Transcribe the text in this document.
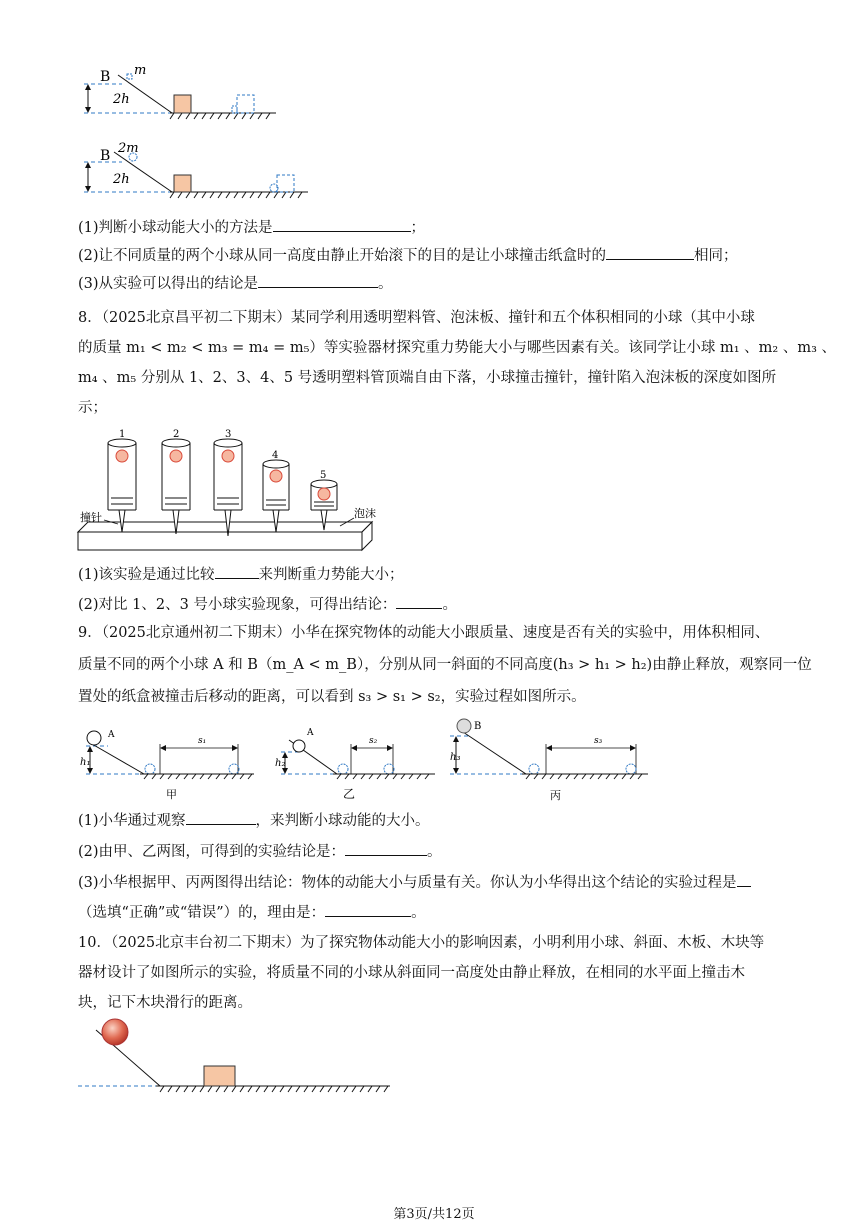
B m
2h
B 2m
2h
(1)判断小球动能大小的方法是	；
(2)让不同质量的两个小球从同一高度由静止开始滚下的目的是让小球撞击纸盒时的	相同；
(3)从实验可以得出的结论是	。
8．（2025北京昌平初二下期末）某同学利用透明塑料管、泡沫板、撞针和五个体积相同的小球（其中小球
的质量 m₁ < m₂ < m₃ = m₄ = m₅）等实验器材探究重力势能大小与哪些因素有关。该同学让小球 m₁ 、m₂ 、m₃ 、
m₄ 、m₅ 分别从 1、2、3、4、5 号透明塑料管顶端自由下落，小球撞击撞针，撞针陷入泡沫板的深度如图所
示；
1	2	3
4
5
撞针	泡沫
(1)该实验是通过比较	来判断重力势能大小；
(2)对比 1、2、3 号小球实验现象，可得出结论：	。
9．（2025北京通州初二下期末）小华在探究物体的动能大小跟质量、速度是否有关的实验中，用体积相同、
质量不同的两个小球 A 和 B（m_A < m_B），分别从同一斜面的不同高度(h₃ > h₁ > h₂)由静止释放，观察同一位
置处的纸盒被撞击后移动的距离，可以看到 s₃ > s₁ > s₂，实验过程如图所示。
A
h₁
s₁
甲
A
h₂
s₂
乙
B
h₃
s₃
丙
(1)小华通过观察	，来判断小球动能的大小。
(2)由甲、乙两图，可得到的实验结论是：	。
(3)小华根据甲、丙两图得出结论：物体的动能大小与质量有关。你认为小华得出这个结论的实验过程是
（选填“正确”或“错误”）的，理由是：	。
10．（2025北京丰台初二下期末）为了探究物体动能大小的影响因素，小明利用小球、斜面、木板、木块等
器材设计了如图所示的实验，将质量不同的小球从斜面同一高度处由静止释放，在相同的水平面上撞击木
块，记下木块滑行的距离。
第3页/共12页
